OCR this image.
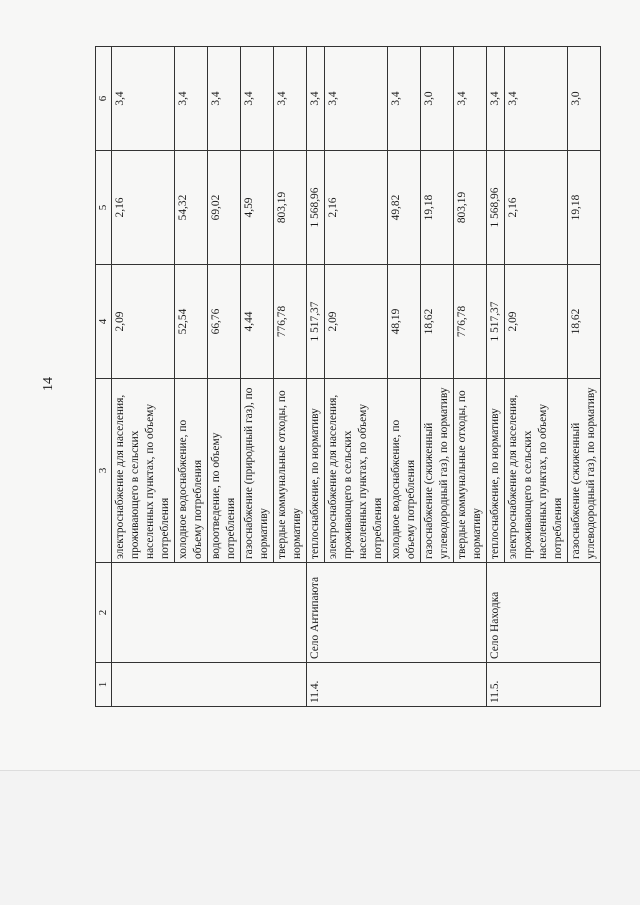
14
1	2	3	4	5	6
		электроснабжение для населения, проживающего в сельских населенных пунктах, по объему потребления	2,09	2,16	3,4
		холодное водоснабжение, по объему потребления	52,54	54,32	3,4
		водоотведение, по объему потребления	66,76	69,02	3,4
		газоснабжение (природный газ), по нормативу	4,44	4,59	3,4
		твердые коммунальные отходы, по нормативу	776,78	803,19	3,4
11.4.	Село Антипаюта	теплоснабжение, по нормативу	1 517,37	1 568,96	3,4
		электроснабжение для населения, проживающего в сельских населенных пунктах, по объему потребления	2,09	2,16	3,4
		холодное водоснабжение, по объему потребления	48,19	49,82	3,4
		газоснабжение (сжиженный углеводородный газ), по нормативу	18,62	19,18	3,0
		твердые коммунальные отходы, по нормативу	776,78	803,19	3,4
11.5.	Село Находка	теплоснабжение, по нормативу	1 517,37	1 568,96	3,4
		электроснабжение для населения, проживающего в сельских населенных пунктах, по объему потребления	2,09	2,16	3,4
		газоснабжение (сжиженный углеводородный газ), по нормативу	18,62	19,18	3,0
